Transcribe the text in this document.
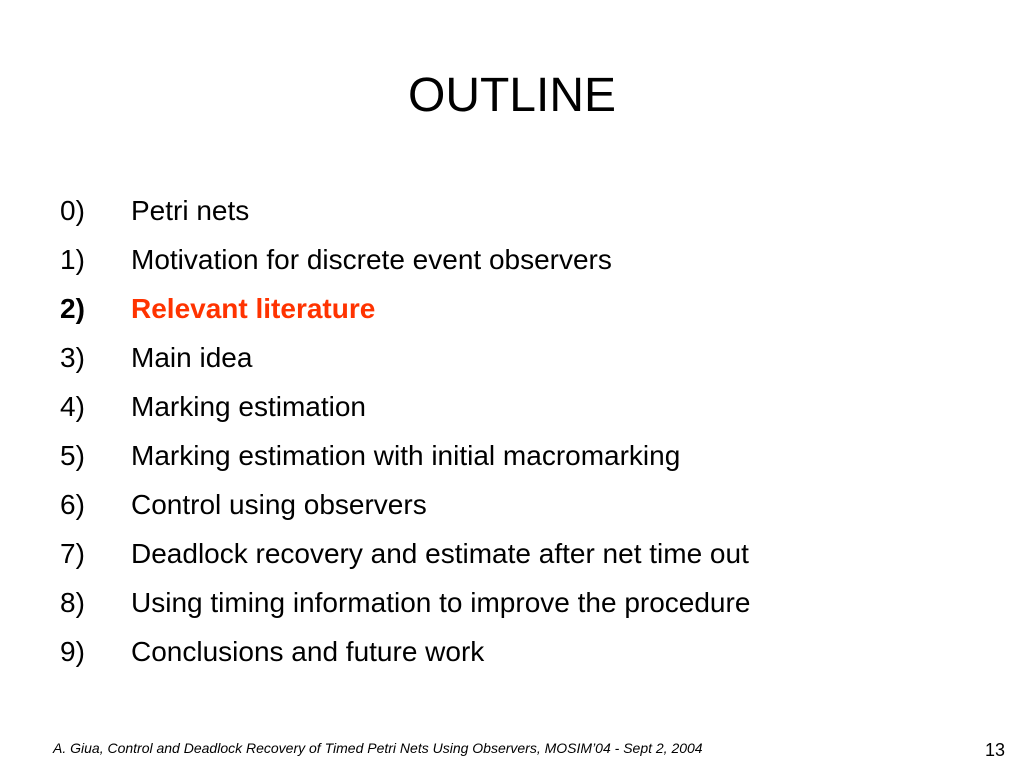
OUTLINE
0)	Petri nets
1)	Motivation for discrete event observers
2)	Relevant literature
3)	Main idea
4)	Marking estimation
5)	Marking estimation with initial macromarking
6)	Control using observers
7)	Deadlock recovery and estimate after net time out
8)	Using timing information to improve the procedure
9)	Conclusions and future work
A. Giua, Control and Deadlock Recovery of Timed Petri Nets Using Observers, MOSIM’04 - Sept 2, 2004	13
